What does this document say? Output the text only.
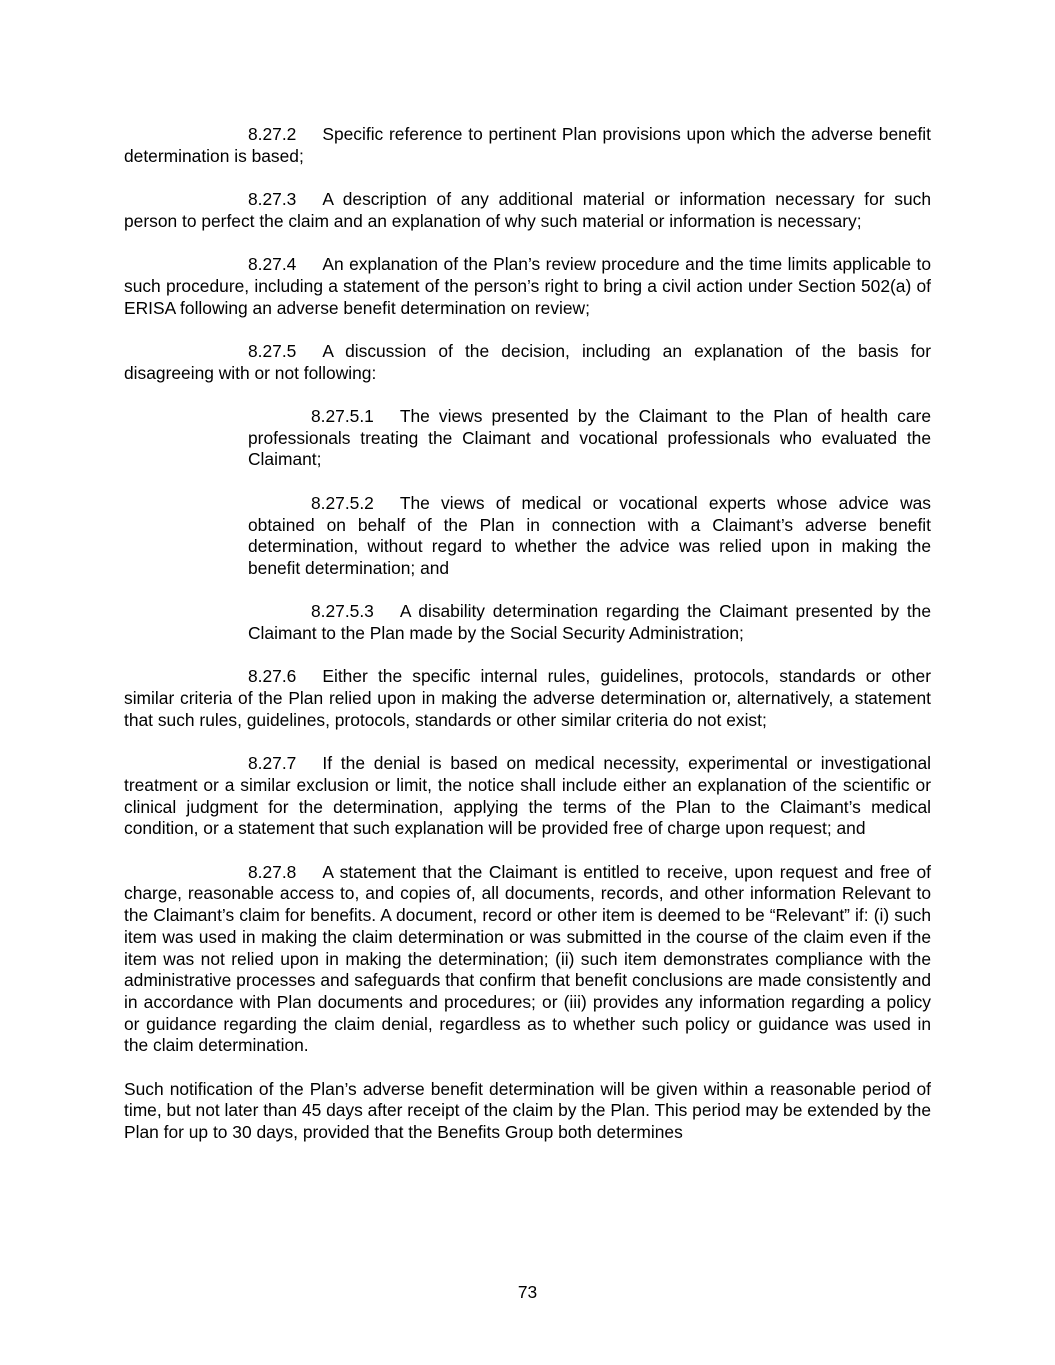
8.27.2 Specific reference to pertinent Plan provisions upon which the adverse benefit determination is based;

8.27.3 A description of any additional material or information necessary for such person to perfect the claim and an explanation of why such material or information is necessary;

8.27.4 An explanation of the Plan’s review procedure and the time limits applicable to such procedure, including a statement of the person’s right to bring a civil action under Section 502(a) of ERISA following an adverse benefit determination on review;

8.27.5 A discussion of the decision, including an explanation of the basis for disagreeing with or not following:

8.27.5.1 The views presented by the Claimant to the Plan of health care professionals treating the Claimant and vocational professionals who evaluated the Claimant;

8.27.5.2 The views of medical or vocational experts whose advice was obtained on behalf of the Plan in connection with a Claimant’s adverse benefit determination, without regard to whether the advice was relied upon in making the benefit determination; and

8.27.5.3 A disability determination regarding the Claimant presented by the Claimant to the Plan made by the Social Security Administration;

8.27.6 Either the specific internal rules, guidelines, protocols, standards or other similar criteria of the Plan relied upon in making the adverse determination or, alternatively, a statement that such rules, guidelines, protocols, standards or other similar criteria do not exist;

8.27.7 If the denial is based on medical necessity, experimental or investigational treatment or a similar exclusion or limit, the notice shall include either an explanation of the scientific or clinical judgment for the determination, applying the terms of the Plan to the Claimant’s medical condition, or a statement that such explanation will be provided free of charge upon request; and

8.27.8 A statement that the Claimant is entitled to receive, upon request and free of charge, reasonable access to, and copies of, all documents, records, and other information Relevant to the Claimant’s claim for benefits. A document, record or other item is deemed to be “Relevant” if: (i) such item was used in making the claim determination or was submitted in the course of the claim even if the item was not relied upon in making the determination; (ii) such item demonstrates compliance with the administrative processes and safeguards that confirm that benefit conclusions are made consistently and in accordance with Plan documents and procedures; or (iii) provides any information regarding a policy or guidance regarding the claim denial, regardless as to whether such policy or guidance was used in the claim determination.

Such notification of the Plan’s adverse benefit determination will be given within a reasonable period of time, but not later than 45 days after receipt of the claim by the Plan. This period may be extended by the Plan for up to 30 days, provided that the Benefits Group both determines

73
